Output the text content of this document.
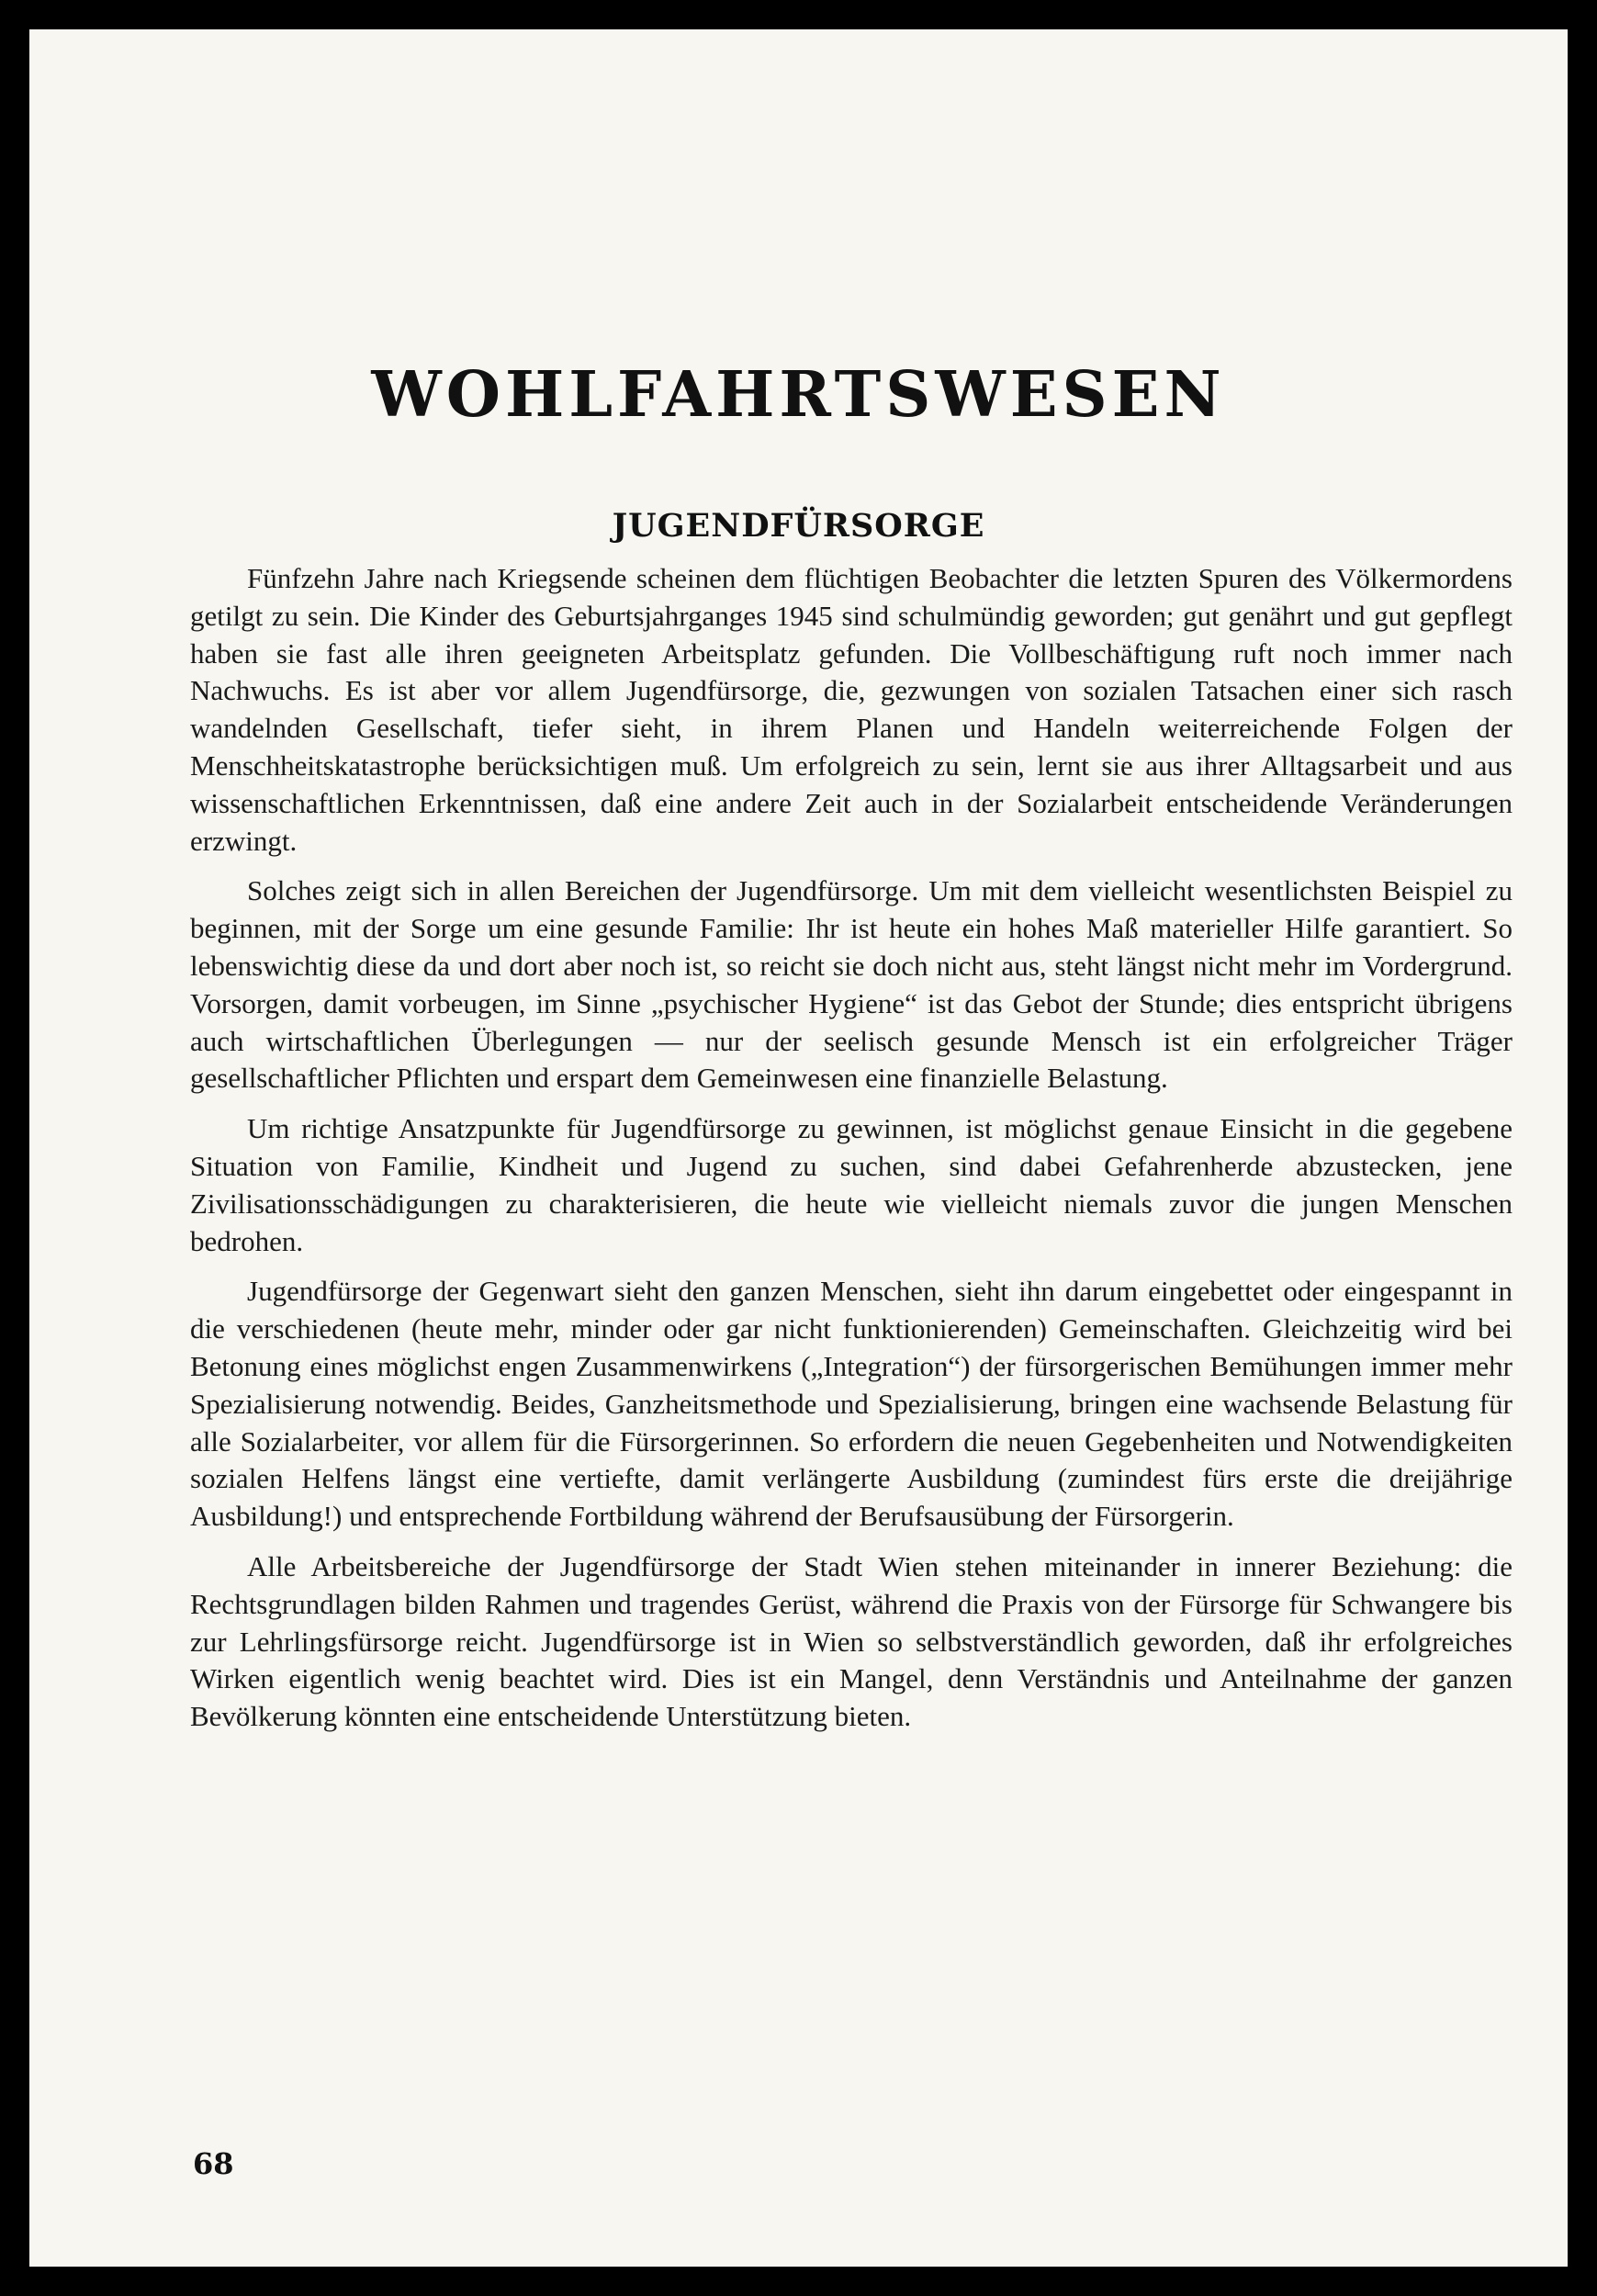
WOHLFAHRTSWESEN
JUGENDFÜRSORGE

Fünfzehn Jahre nach Kriegsende scheinen dem flüchtigen Beobachter die letzten Spuren des Völkermordens getilgt zu sein. Die Kinder des Geburtsjahrganges 1945 sind schulmündig geworden; gut genährt und gut gepflegt haben sie fast alle ihren geeigneten Arbeitsplatz gefunden. Die Vollbeschäftigung ruft noch immer nach Nachwuchs. Es ist aber vor allem Jugendfürsorge, die, gezwungen von sozialen Tatsachen einer sich rasch wandelnden Gesellschaft, tiefer sieht, in ihrem Planen und Handeln weiterreichende Folgen der Menschheitskatastrophe berücksichtigen muß. Um erfolgreich zu sein, lernt sie aus ihrer Alltagsarbeit und aus wissenschaftlichen Erkenntnissen, daß eine andere Zeit auch in der Sozialarbeit entscheidende Veränderungen erzwingt.

Solches zeigt sich in allen Bereichen der Jugendfürsorge. Um mit dem vielleicht wesentlichsten Beispiel zu beginnen, mit der Sorge um eine gesunde Familie: Ihr ist heute ein hohes Maß materieller Hilfe garantiert. So lebenswichtig diese da und dort aber noch ist, so reicht sie doch nicht aus, steht längst nicht mehr im Vordergrund. Vorsorgen, damit vorbeugen, im Sinne „psychischer Hygiene“ ist das Gebot der Stunde; dies entspricht übrigens auch wirtschaftlichen Überlegungen — nur der seelisch gesunde Mensch ist ein erfolgreicher Träger gesellschaftlicher Pflichten und erspart dem Gemeinwesen eine finanzielle Belastung.

Um richtige Ansatzpunkte für Jugendfürsorge zu gewinnen, ist möglichst genaue Einsicht in die gegebene Situation von Familie, Kindheit und Jugend zu suchen, sind dabei Gefahrenherde abzustecken, jene Zivilisationsschädigungen zu charakterisieren, die heute wie vielleicht niemals zuvor die jungen Menschen bedrohen.

Jugendfürsorge der Gegenwart sieht den ganzen Menschen, sieht ihn darum eingebettet oder eingespannt in die verschiedenen (heute mehr, minder oder gar nicht funktionierenden) Gemeinschaften. Gleichzeitig wird bei Betonung eines möglichst engen Zusammenwirkens („Integration“) der fürsorgerischen Bemühungen immer mehr Spezialisierung notwendig. Beides, Ganzheitsmethode und Spezialisierung, bringen eine wachsende Belastung für alle Sozialarbeiter, vor allem für die Fürsorgerinnen. So erfordern die neuen Gegebenheiten und Notwendigkeiten sozialen Helfens längst eine vertiefte, damit verlängerte Ausbildung (zumindest fürs erste die dreijährige Ausbildung!) und entsprechende Fortbildung während der Berufsausübung der Fürsorgerin.

Alle Arbeitsbereiche der Jugendfürsorge der Stadt Wien stehen miteinander in innerer Beziehung: die Rechtsgrundlagen bilden Rahmen und tragendes Gerüst, während die Praxis von der Fürsorge für Schwangere bis zur Lehrlingsfürsorge reicht. Jugendfürsorge ist in Wien so selbstverständlich geworden, daß ihr erfolgreiches Wirken eigentlich wenig beachtet wird. Dies ist ein Mangel, denn Verständnis und Anteilnahme der ganzen Bevölkerung könnten eine entscheidende Unterstützung bieten.

68
